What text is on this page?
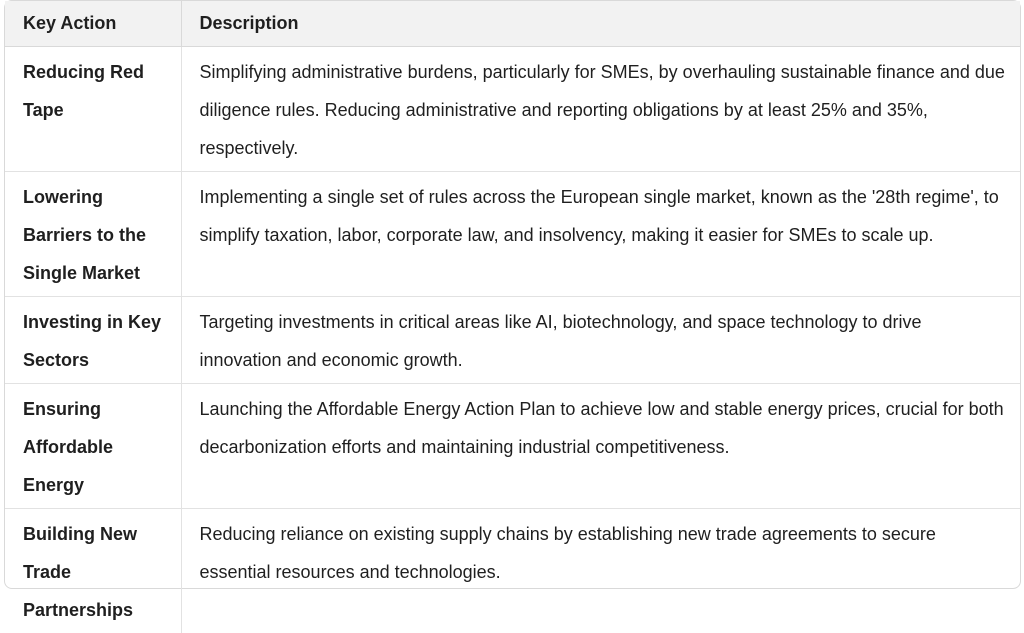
Key Action	Description
Reducing Red Tape	Simplifying administrative burdens, particularly for SMEs, by overhauling sustainable finance and due diligence rules. Reducing administrative and reporting obligations by at least 25% and 35%, respectively.
Lowering Barriers to the Single Market	Implementing a single set of rules across the European single market, known as the '28th regime', to simplify taxation, labor, corporate law, and insolvency, making it easier for SMEs to scale up.
Investing in Key Sectors	Targeting investments in critical areas like AI, biotechnology, and space technology to drive innovation and economic growth.
Ensuring Affordable Energy	Launching the Affordable Energy Action Plan to achieve low and stable energy prices, crucial for both decarbonization efforts and maintaining industrial competitiveness.
Building New Trade Partnerships	Reducing reliance on existing supply chains by establishing new trade agreements to secure essential resources and technologies.
